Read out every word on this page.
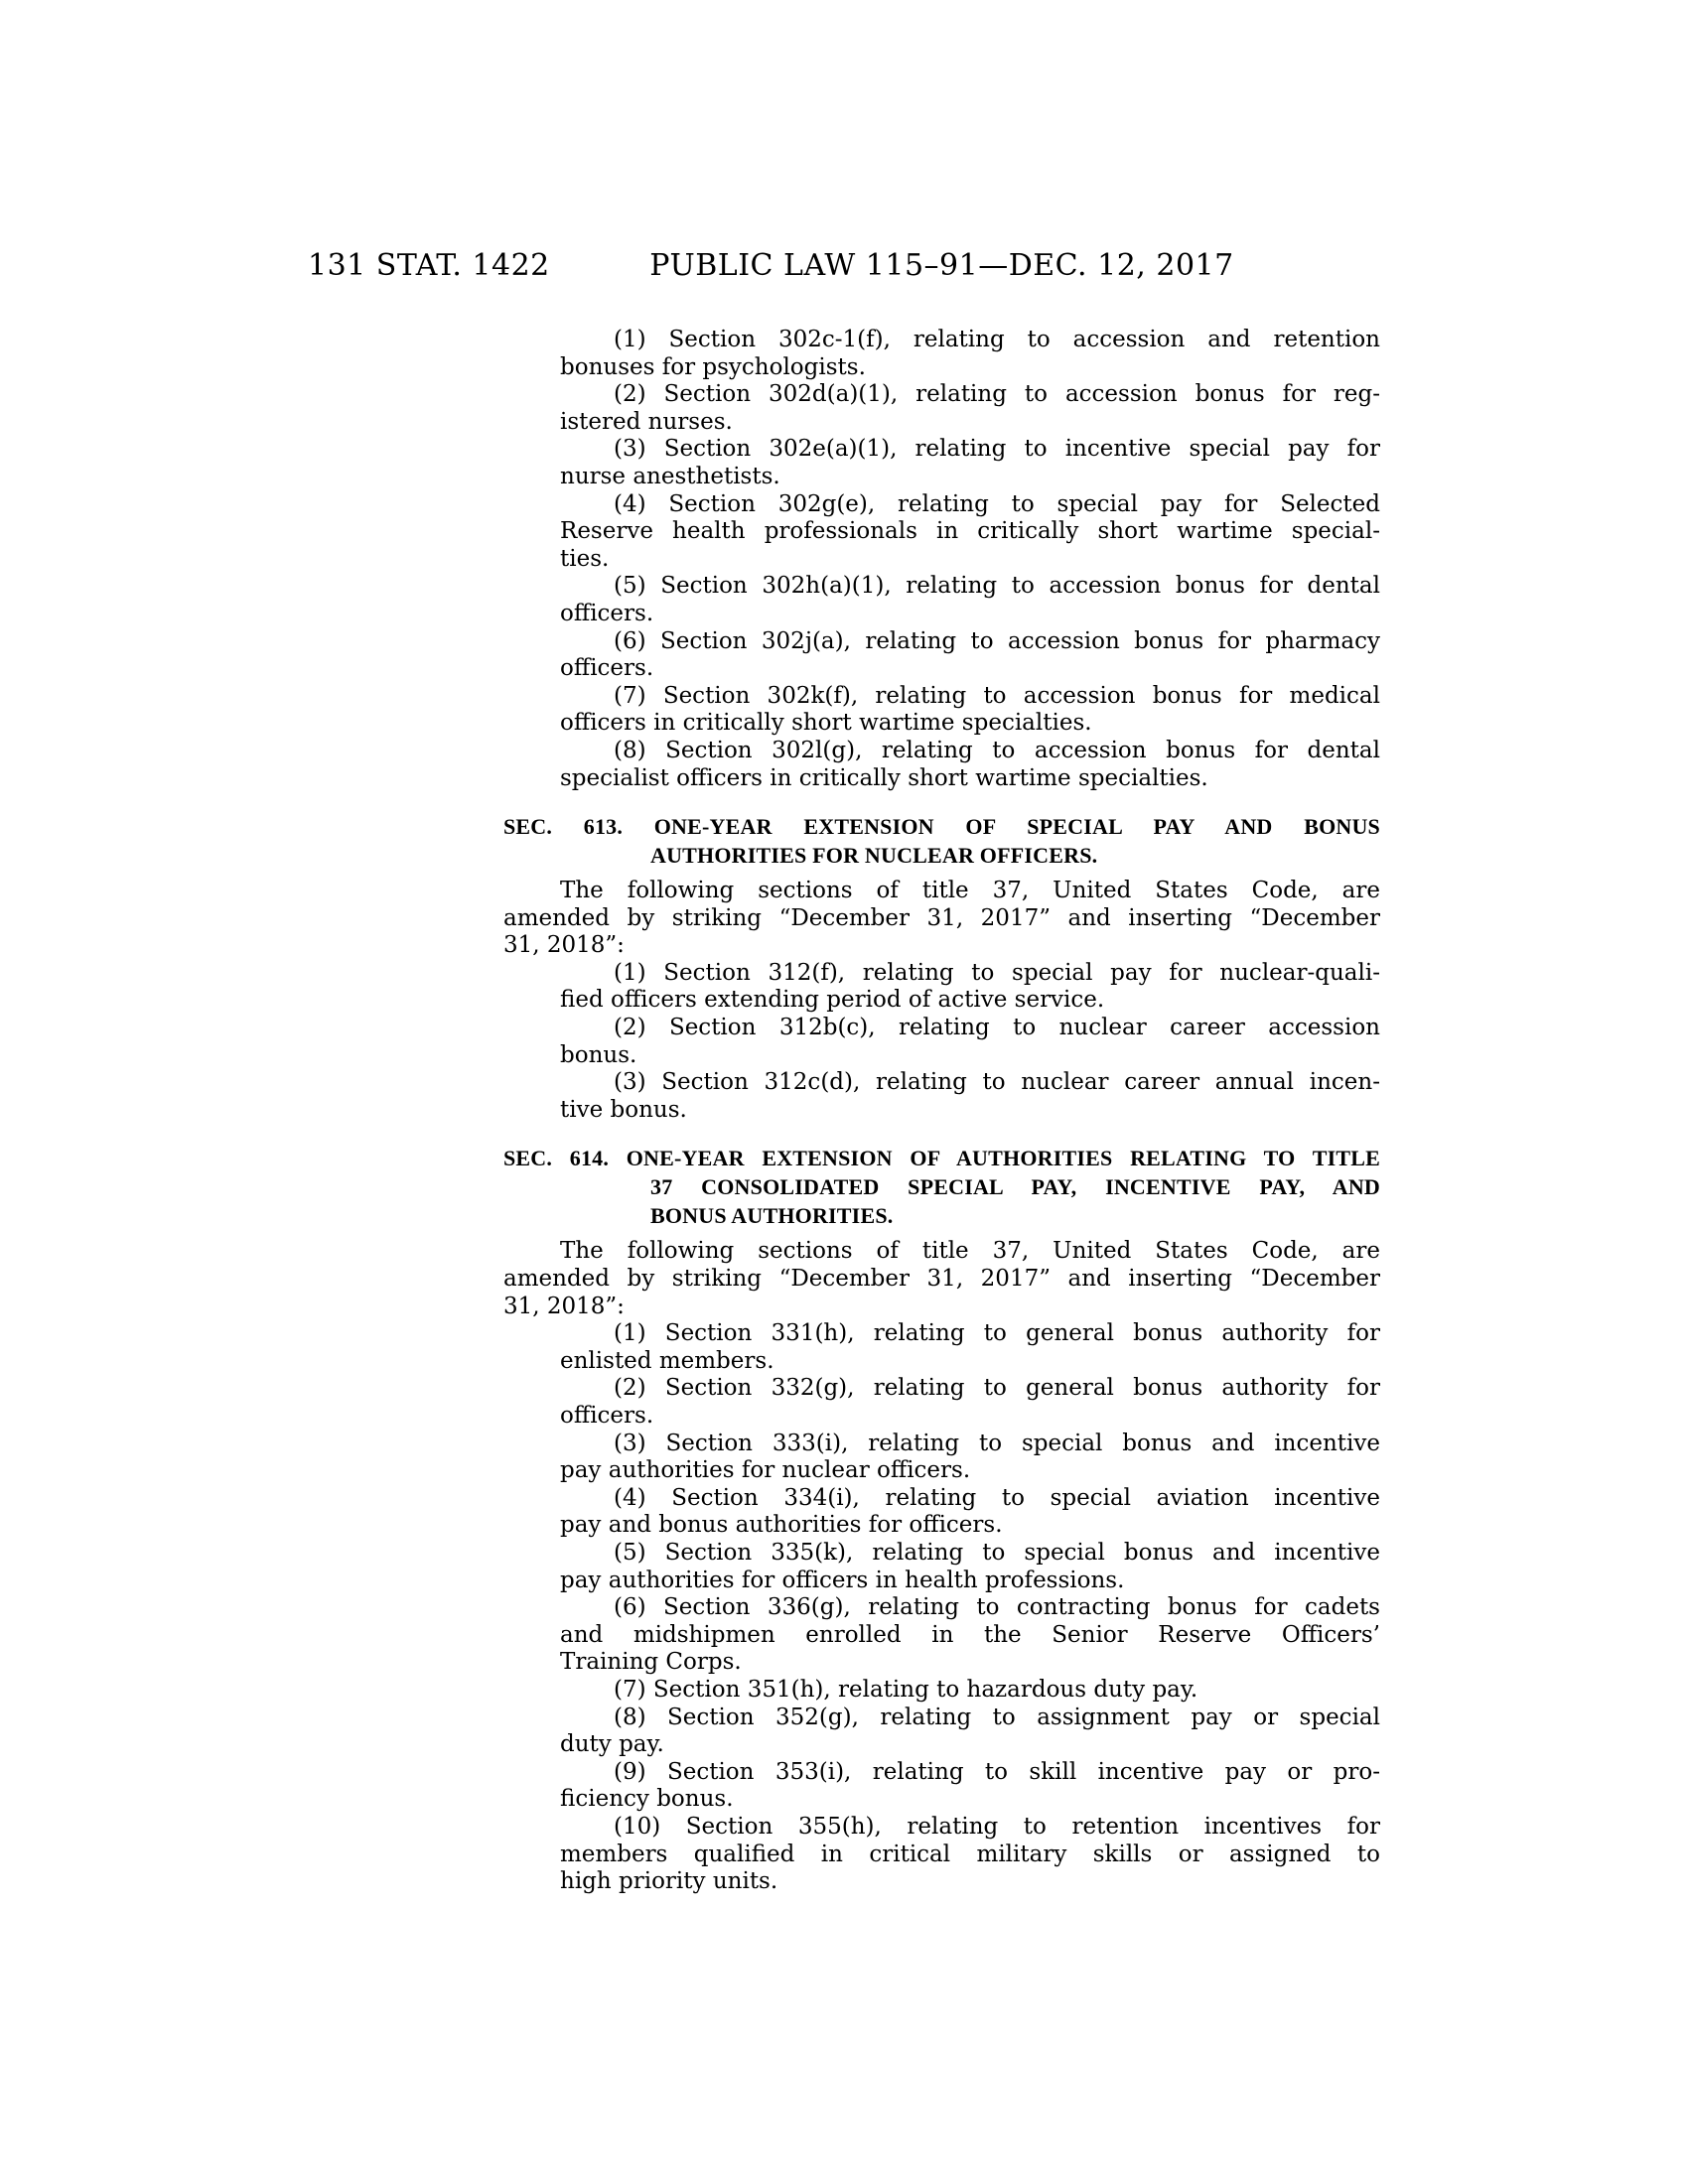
131 STAT. 1422	PUBLIC LAW 115–91—DEC. 12, 2017
(1) Section 302c-1(f), relating to accession and retention
bonuses for psychologists.
(2) Section 302d(a)(1), relating to accession bonus for reg-
istered nurses.
(3) Section 302e(a)(1), relating to incentive special pay for
nurse anesthetists.
(4) Section 302g(e), relating to special pay for Selected
Reserve health professionals in critically short wartime special-
ties.
(5) Section 302h(a)(1), relating to accession bonus for dental
officers.
(6) Section 302j(a), relating to accession bonus for pharmacy
officers.
(7) Section 302k(f), relating to accession bonus for medical
officers in critically short wartime specialties.
(8) Section 302l(g), relating to accession bonus for dental
specialist officers in critically short wartime specialties.
SEC. 613. ONE-YEAR EXTENSION OF SPECIAL PAY AND BONUS
AUTHORITIES FOR NUCLEAR OFFICERS.
The following sections of title 37, United States Code, are
amended by striking “December 31, 2017” and inserting “December
31, 2018”:
(1) Section 312(f), relating to special pay for nuclear-quali-
fied officers extending period of active service.
(2) Section 312b(c), relating to nuclear career accession
bonus.
(3) Section 312c(d), relating to nuclear career annual incen-
tive bonus.
SEC. 614. ONE-YEAR EXTENSION OF AUTHORITIES RELATING TO TITLE
37 CONSOLIDATED SPECIAL PAY, INCENTIVE PAY, AND
BONUS AUTHORITIES.
The following sections of title 37, United States Code, are
amended by striking “December 31, 2017” and inserting “December
31, 2018”:
(1) Section 331(h), relating to general bonus authority for
enlisted members.
(2) Section 332(g), relating to general bonus authority for
officers.
(3) Section 333(i), relating to special bonus and incentive
pay authorities for nuclear officers.
(4) Section 334(i), relating to special aviation incentive
pay and bonus authorities for officers.
(5) Section 335(k), relating to special bonus and incentive
pay authorities for officers in health professions.
(6) Section 336(g), relating to contracting bonus for cadets
and midshipmen enrolled in the Senior Reserve Officers’
Training Corps.
(7) Section 351(h), relating to hazardous duty pay.
(8) Section 352(g), relating to assignment pay or special
duty pay.
(9) Section 353(i), relating to skill incentive pay or pro-
ficiency bonus.
(10) Section 355(h), relating to retention incentives for
members qualified in critical military skills or assigned to
high priority units.
